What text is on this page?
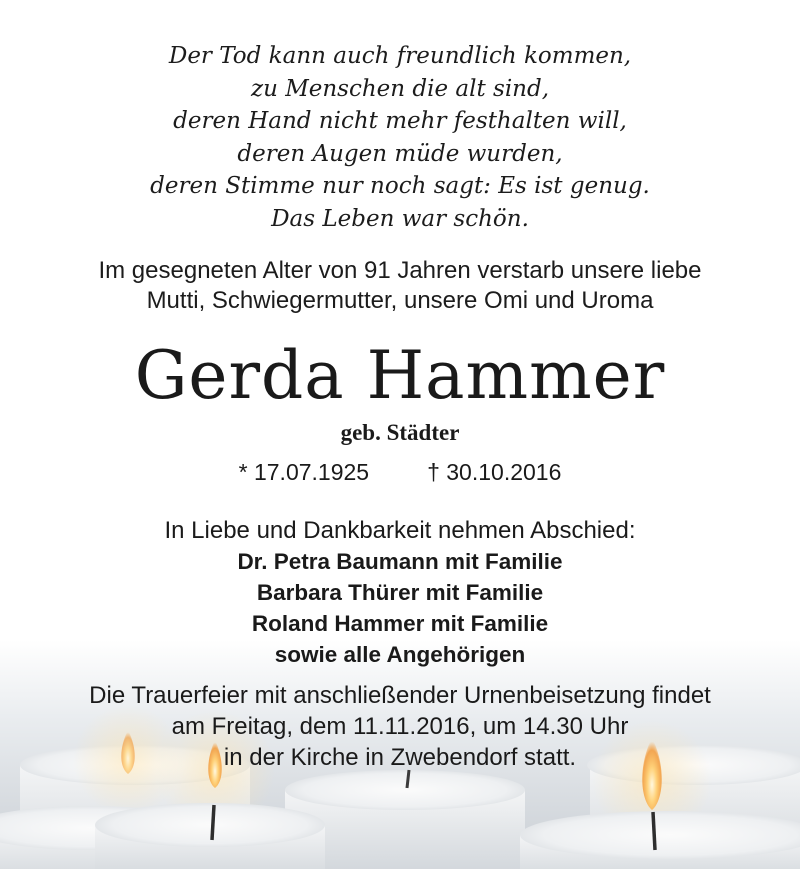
Der Tod kann auch freundlich kommen,
zu Menschen die alt sind,
deren Hand nicht mehr festhalten will,
deren Augen müde wurden,
deren Stimme nur noch sagt: Es ist genug.
Das Leben war schön.
Im gesegneten Alter von 91 Jahren verstarb unsere liebe
Mutti, Schwiegermutter, unsere Omi und Uroma
Gerda Hammer
geb. Städter
* 17.07.1925	† 30.10.2016
In Liebe und Dankbarkeit nehmen Abschied:
Dr. Petra Baumann mit Familie
Barbara Thürer mit Familie
Roland Hammer mit Familie
sowie alle Angehörigen
Die Trauerfeier mit anschließender Urnenbeisetzung findet
am Freitag, dem 11.11.2016, um 14.30 Uhr
in der Kirche in Zwebendorf statt.
